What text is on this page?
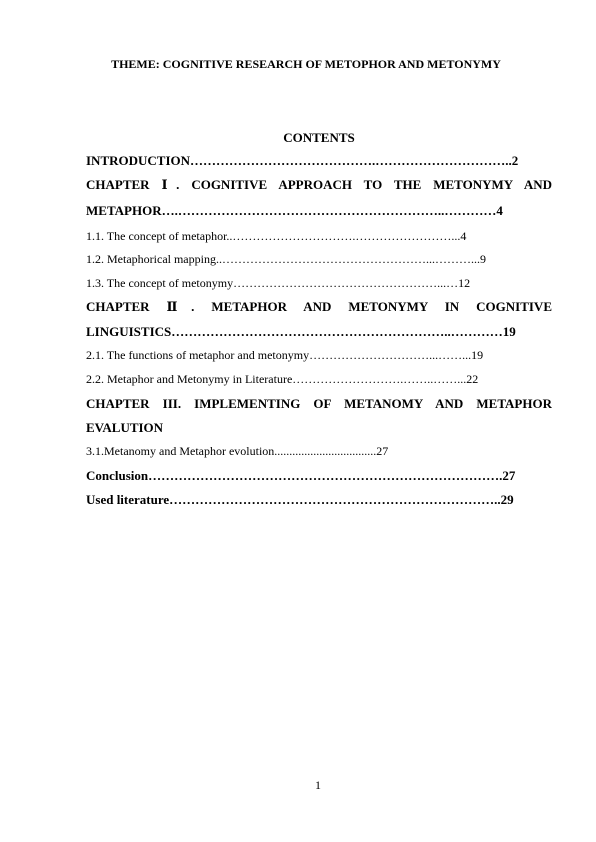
THEME: COGNITIVE RESEARCH OF METOPHOR AND METONYMY
CONTENTS
INTRODUCTION…………………………………….…………………………..2
CHAPTER Ⅰ. COGNITIVE APPROACH TO THE METONYMY AND
METAPHOR….……………………………………………………..…………4
1.1. The concept of metaphor..………………………….……………………...4
1.2. Metaphorical mapping..……………………………………………...………...9
1.3. The concept of metonymy……………………………………………...…12
CHAPTER Ⅱ. METAPHOR AND METONYMY IN COGNITIVE
LINGUISTICS………………………………………………………..…………19
2.1. The functions of metaphor and metonymy…………………………...……...19
2.2. Metaphor and Metonymy in Literature……………………….……..……...22
CHAPTER III. IMPLEMENTING OF METANOMY AND METAPHOR
EVALUTION
3.1.Metanomy and Metaphor evolution..................................27
Conclusion……………………………………………………………………….27
Used literature…………………………………………………………………..29
1
